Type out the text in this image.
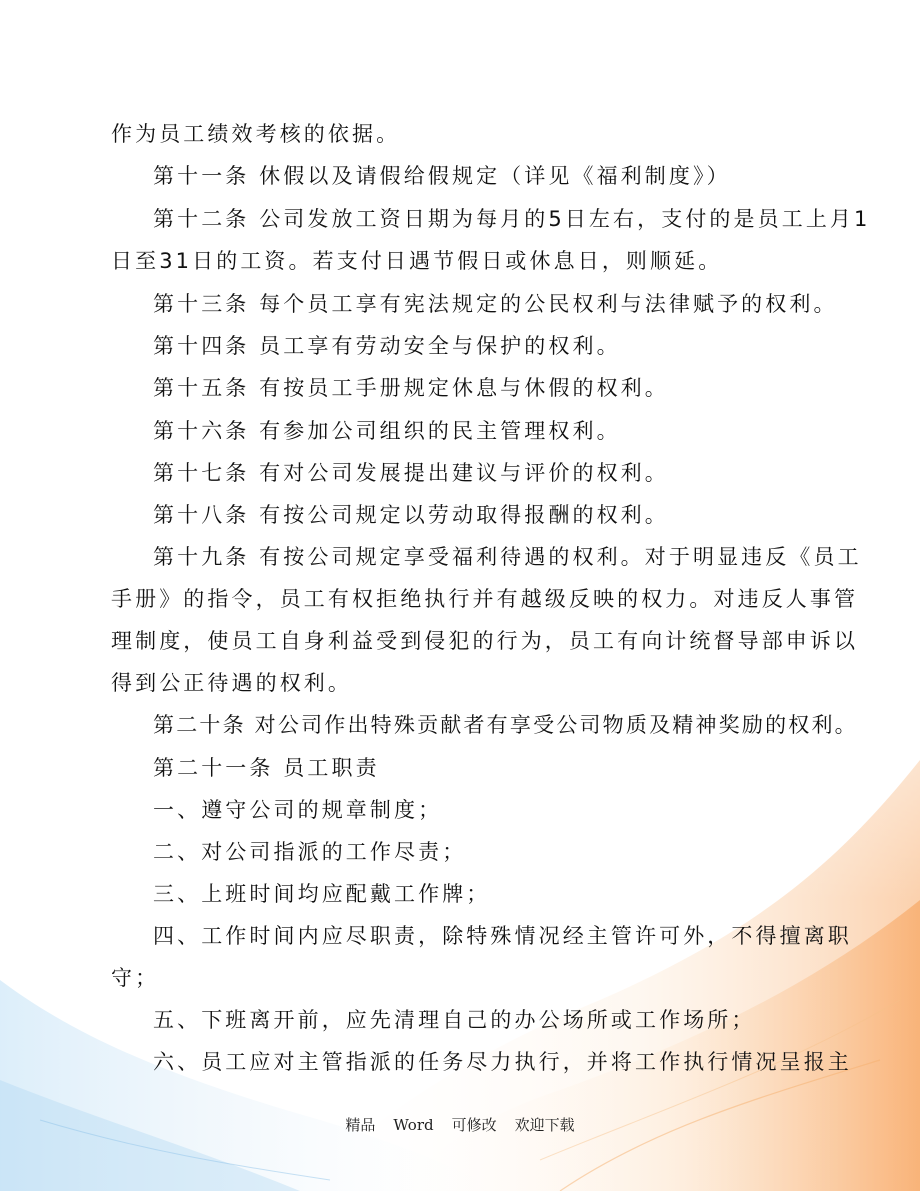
作为员工绩效考核的依据。

第十一条 休假以及请假给假规定（详见《福利制度》）

第十二条 公司发放工资日期为每月的5日左右，支付的是员工上月1

日至31日的工资。若支付日遇节假日或休息日，则顺延。

第十三条 每个员工享有宪法规定的公民权利与法律赋予的权利。

第十四条 员工享有劳动安全与保护的权利。

第十五条 有按员工手册规定休息与休假的权利。

第十六条 有参加公司组织的民主管理权利。

第十七条 有对公司发展提出建议与评价的权利。

第十八条 有按公司规定以劳动取得报酬的权利。

第十九条 有按公司规定享受福利待遇的权利。对于明显违反《员工

手册》的指令，员工有权拒绝执行并有越级反映的权力。对违反人事管

理制度，使员工自身利益受到侵犯的行为，员工有向计统督导部申诉以

得到公正待遇的权利。

第二十条 对公司作出特殊贡献者有享受公司物质及精神奖励的权利。

第二十一条 员工职责

一、遵守公司的规章制度；

二、对公司指派的工作尽责；

三、上班时间均应配戴工作牌；

四、工作时间内应尽职责，除特殊情况经主管许可外，不得擅离职

守；

五、下班离开前，应先清理自己的办公场所或工作场所；

六、员工应对主管指派的任务尽力执行，并将工作执行情况呈报主

精品 Word 可修改 欢迎下载
